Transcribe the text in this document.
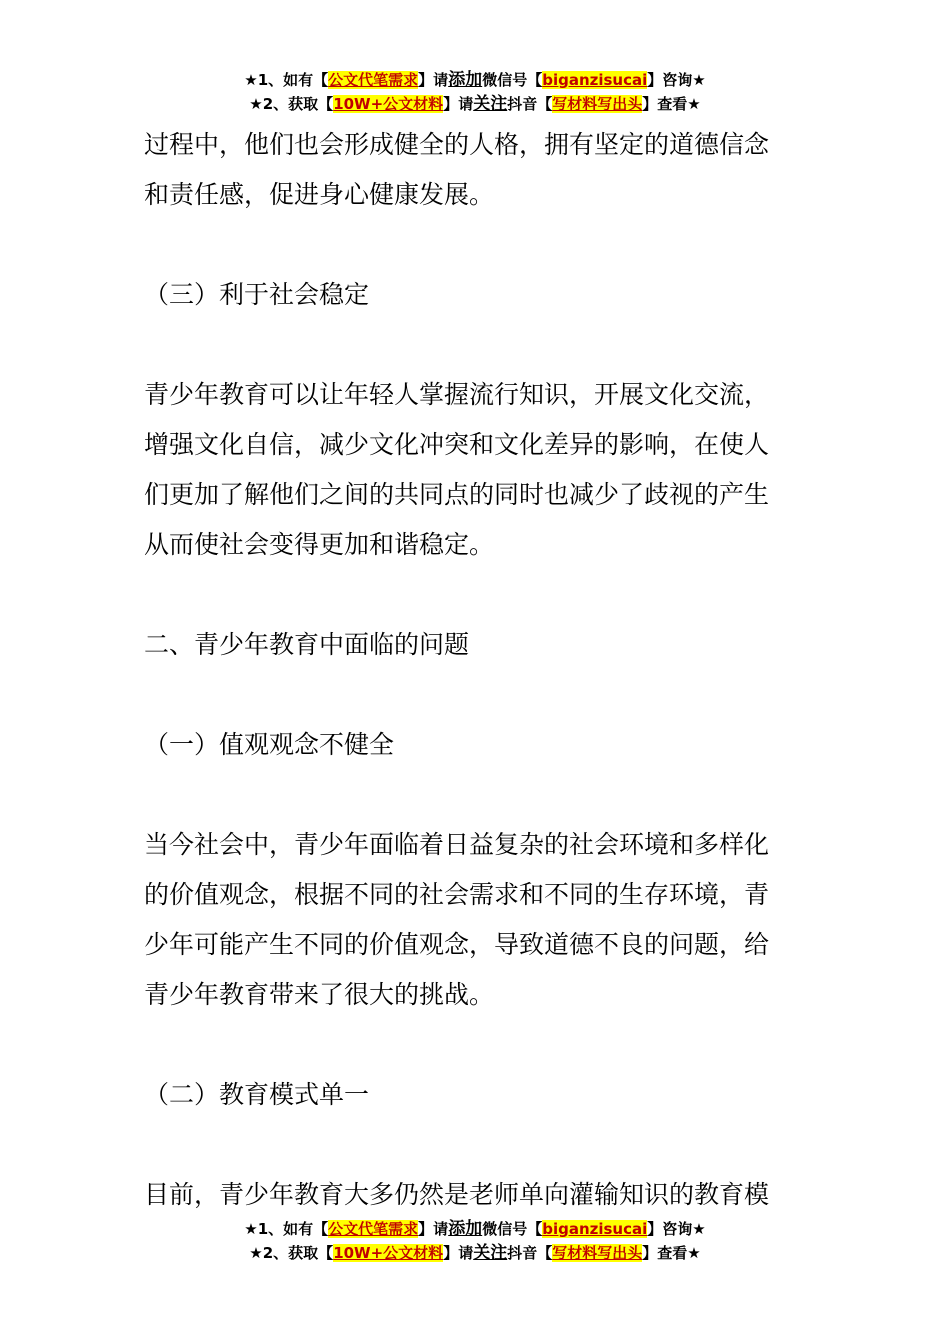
★1、如有【公文代笔需求】请添加微信号【biganzisucai】咨询★
★2、获取【10W+公文材料】请关注抖音【写材料写出头】查看★

过程中，他们也会形成健全的人格，拥有坚定的道德信念

和责任感，促进身心健康发展。

（三）利于社会稳定

青少年教育可以让年轻人掌握流行知识，开展文化交流，

增强文化自信，减少文化冲突和文化差异的影响，在使人

们更加了解他们之间的共同点的同时也减少了歧视的产生

从而使社会变得更加和谐稳定。

二、青少年教育中面临的问题

（一）值观观念不健全

当今社会中，青少年面临着日益复杂的社会环境和多样化

的价值观念，根据不同的社会需求和不同的生存环境，青

少年可能产生不同的价值观念，导致道德不良的问题，给

青少年教育带来了很大的挑战。

（二）教育模式单一

目前，青少年教育大多仍然是老师单向灌输知识的教育模

★1、如有【公文代笔需求】请添加微信号【biganzisucai】咨询★
★2、获取【10W+公文材料】请关注抖音【写材料写出头】查看★
